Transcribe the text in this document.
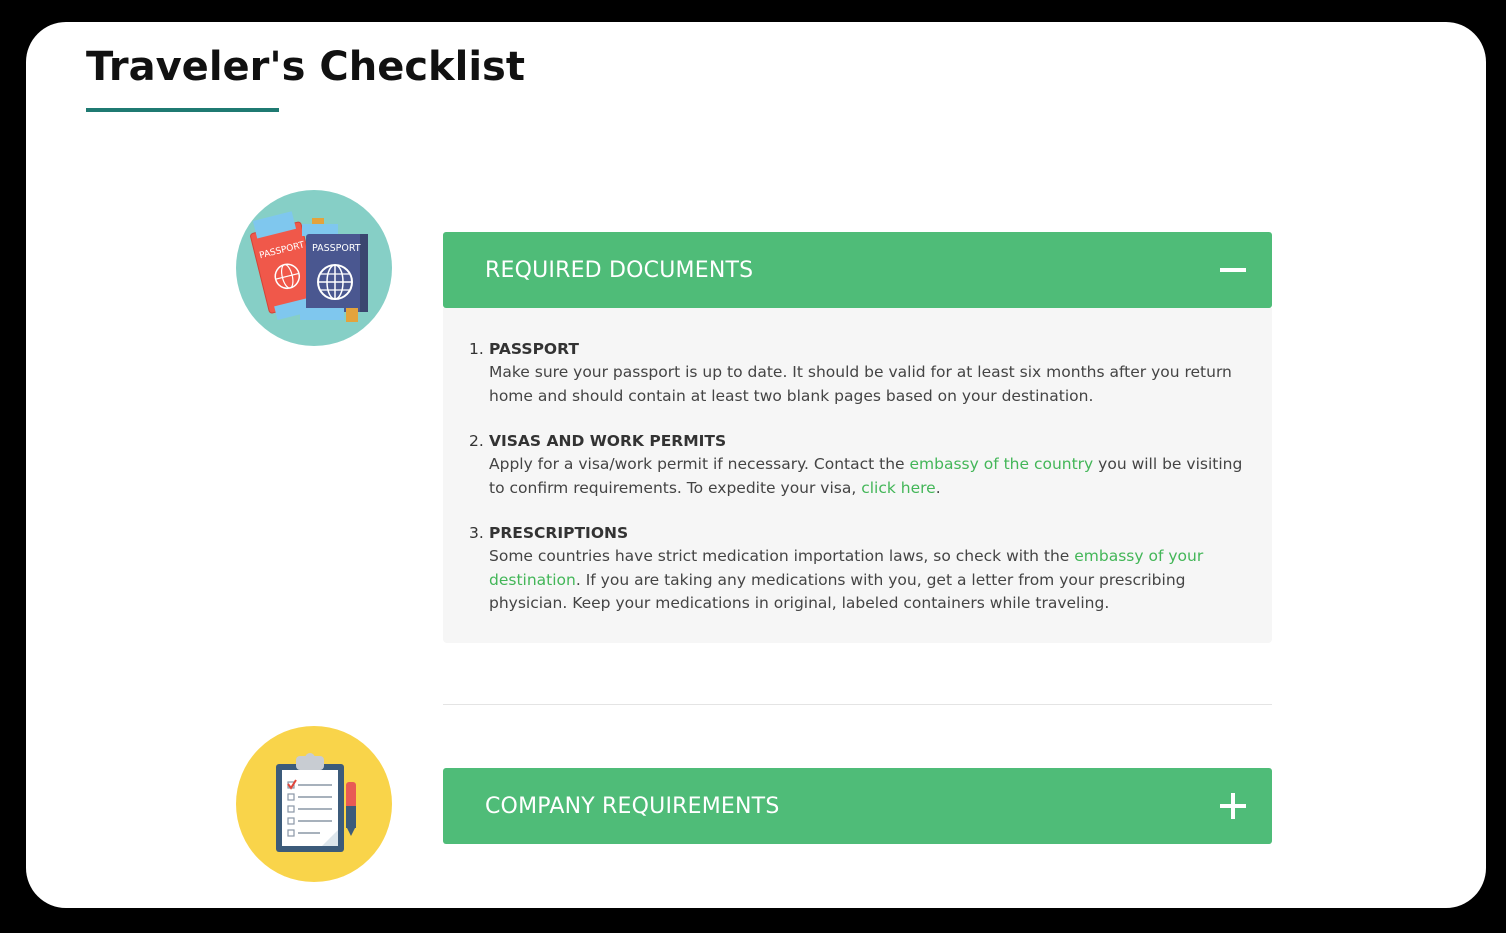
Traveler's Checklist
PASSPORT PASSPORT
REQUIRED DOCUMENTS
1. PASSPORT
Make sure your passport is up to date. It should be valid for at least six months after you return home and should contain at least two blank pages based on your destination.
2. VISAS AND WORK PERMITS
Apply for a visa/work permit if necessary. Contact the embassy of the country you will be visiting to confirm requirements. To expedite your visa, click here.
3. PRESCRIPTIONS
Some countries have strict medication importation laws, so check with the embassy of your destination. If you are taking any medications with you, get a letter from your prescribing physician. Keep your medications in original, labeled containers while traveling.
COMPANY REQUIREMENTS
